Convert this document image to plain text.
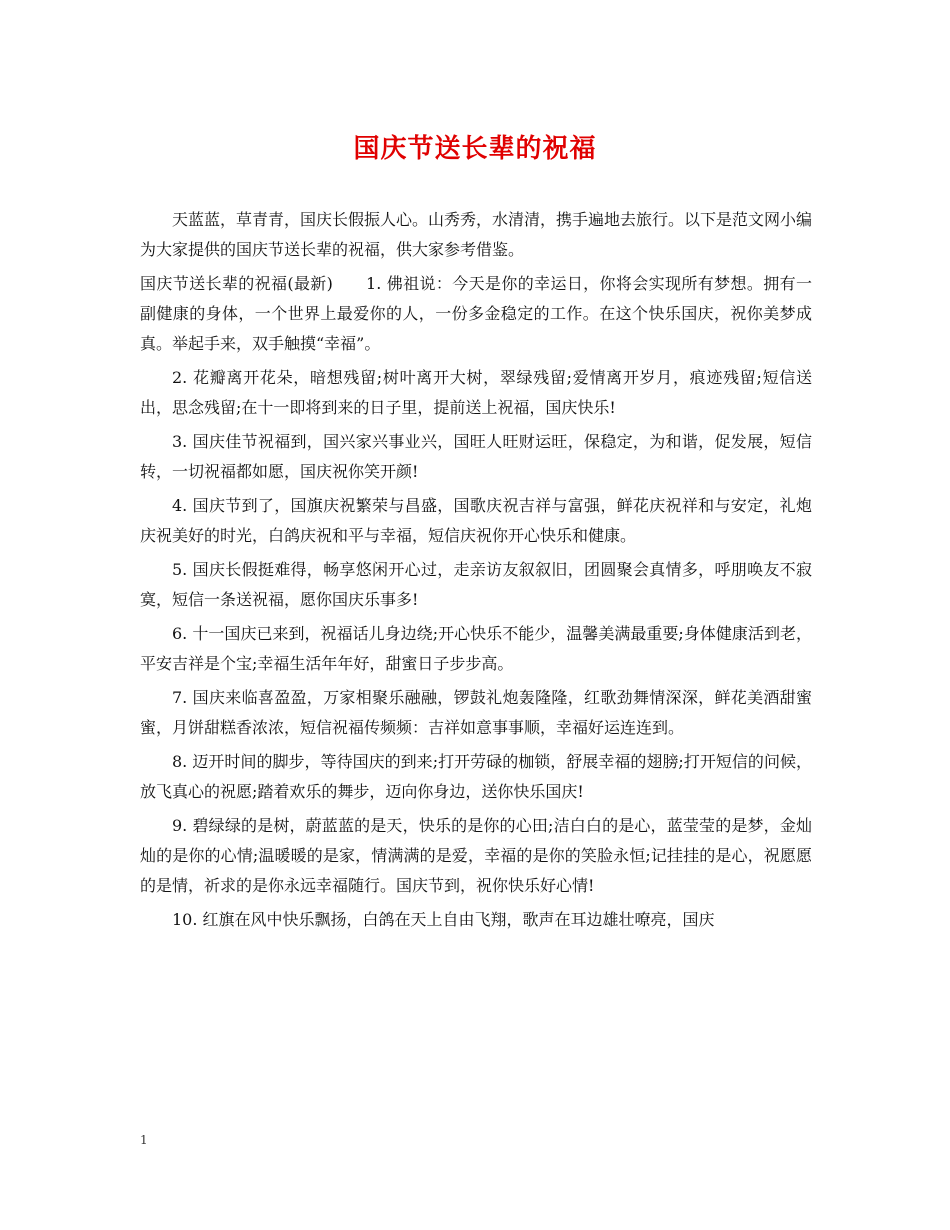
国庆节送长辈的祝福

天蓝蓝，草青青，国庆长假振人心。山秀秀，水清清，携手遍地去旅行。以下是范文网小编为大家提供的国庆节送长辈的祝福，供大家参考借鉴。

国庆节送长辈的祝福(最新)　　1. 佛祖说：今天是你的幸运日，你将会实现所有梦想。拥有一副健康的身体，一个世界上最爱你的人，一份多金稳定的工作。在这个快乐国庆，祝你美梦成真。举起手来，双手触摸“幸福”。

2. 花瓣离开花朵，暗想残留;树叶离开大树，翠绿残留;爱情离开岁月，痕迹残留;短信送出，思念残留;在十一即将到来的日子里，提前送上祝福，国庆快乐!

3. 国庆佳节祝福到，国兴家兴事业兴，国旺人旺财运旺，保稳定，为和谐，促发展，短信转，一切祝福都如愿，国庆祝你笑开颜!

4. 国庆节到了，国旗庆祝繁荣与昌盛，国歌庆祝吉祥与富强，鲜花庆祝祥和与安定，礼炮庆祝美好的时光，白鸽庆祝和平与幸福，短信庆祝你开心快乐和健康。

5. 国庆长假挺难得，畅享悠闲开心过，走亲访友叙叙旧，团圆聚会真情多，呼朋唤友不寂寞，短信一条送祝福，愿你国庆乐事多!

6. 十一国庆已来到，祝福话儿身边绕;开心快乐不能少，温馨美满最重要;身体健康活到老，平安吉祥是个宝;幸福生活年年好，甜蜜日子步步高。

7. 国庆来临喜盈盈，万家相聚乐融融，锣鼓礼炮轰隆隆，红歌劲舞情深深，鲜花美酒甜蜜蜜，月饼甜糕香浓浓，短信祝福传频频：吉祥如意事事顺，幸福好运连连到。

8. 迈开时间的脚步，等待国庆的到来;打开劳碌的枷锁，舒展幸福的翅膀;打开短信的问候，放飞真心的祝愿;踏着欢乐的舞步，迈向你身边，送你快乐国庆!

9. 碧绿绿的是树，蔚蓝蓝的是天，快乐的是你的心田;洁白白的是心，蓝莹莹的是梦，金灿灿的是你的心情;温暖暖的是家，情满满的是爱，幸福的是你的笑脸永恒;记挂挂的是心，祝愿愿的是情，祈求的是你永远幸福随行。国庆节到，祝你快乐好心情!

10. 红旗在风中快乐飘扬，白鸽在天上自由飞翔，歌声在耳边雄壮嘹亮，国庆

1
